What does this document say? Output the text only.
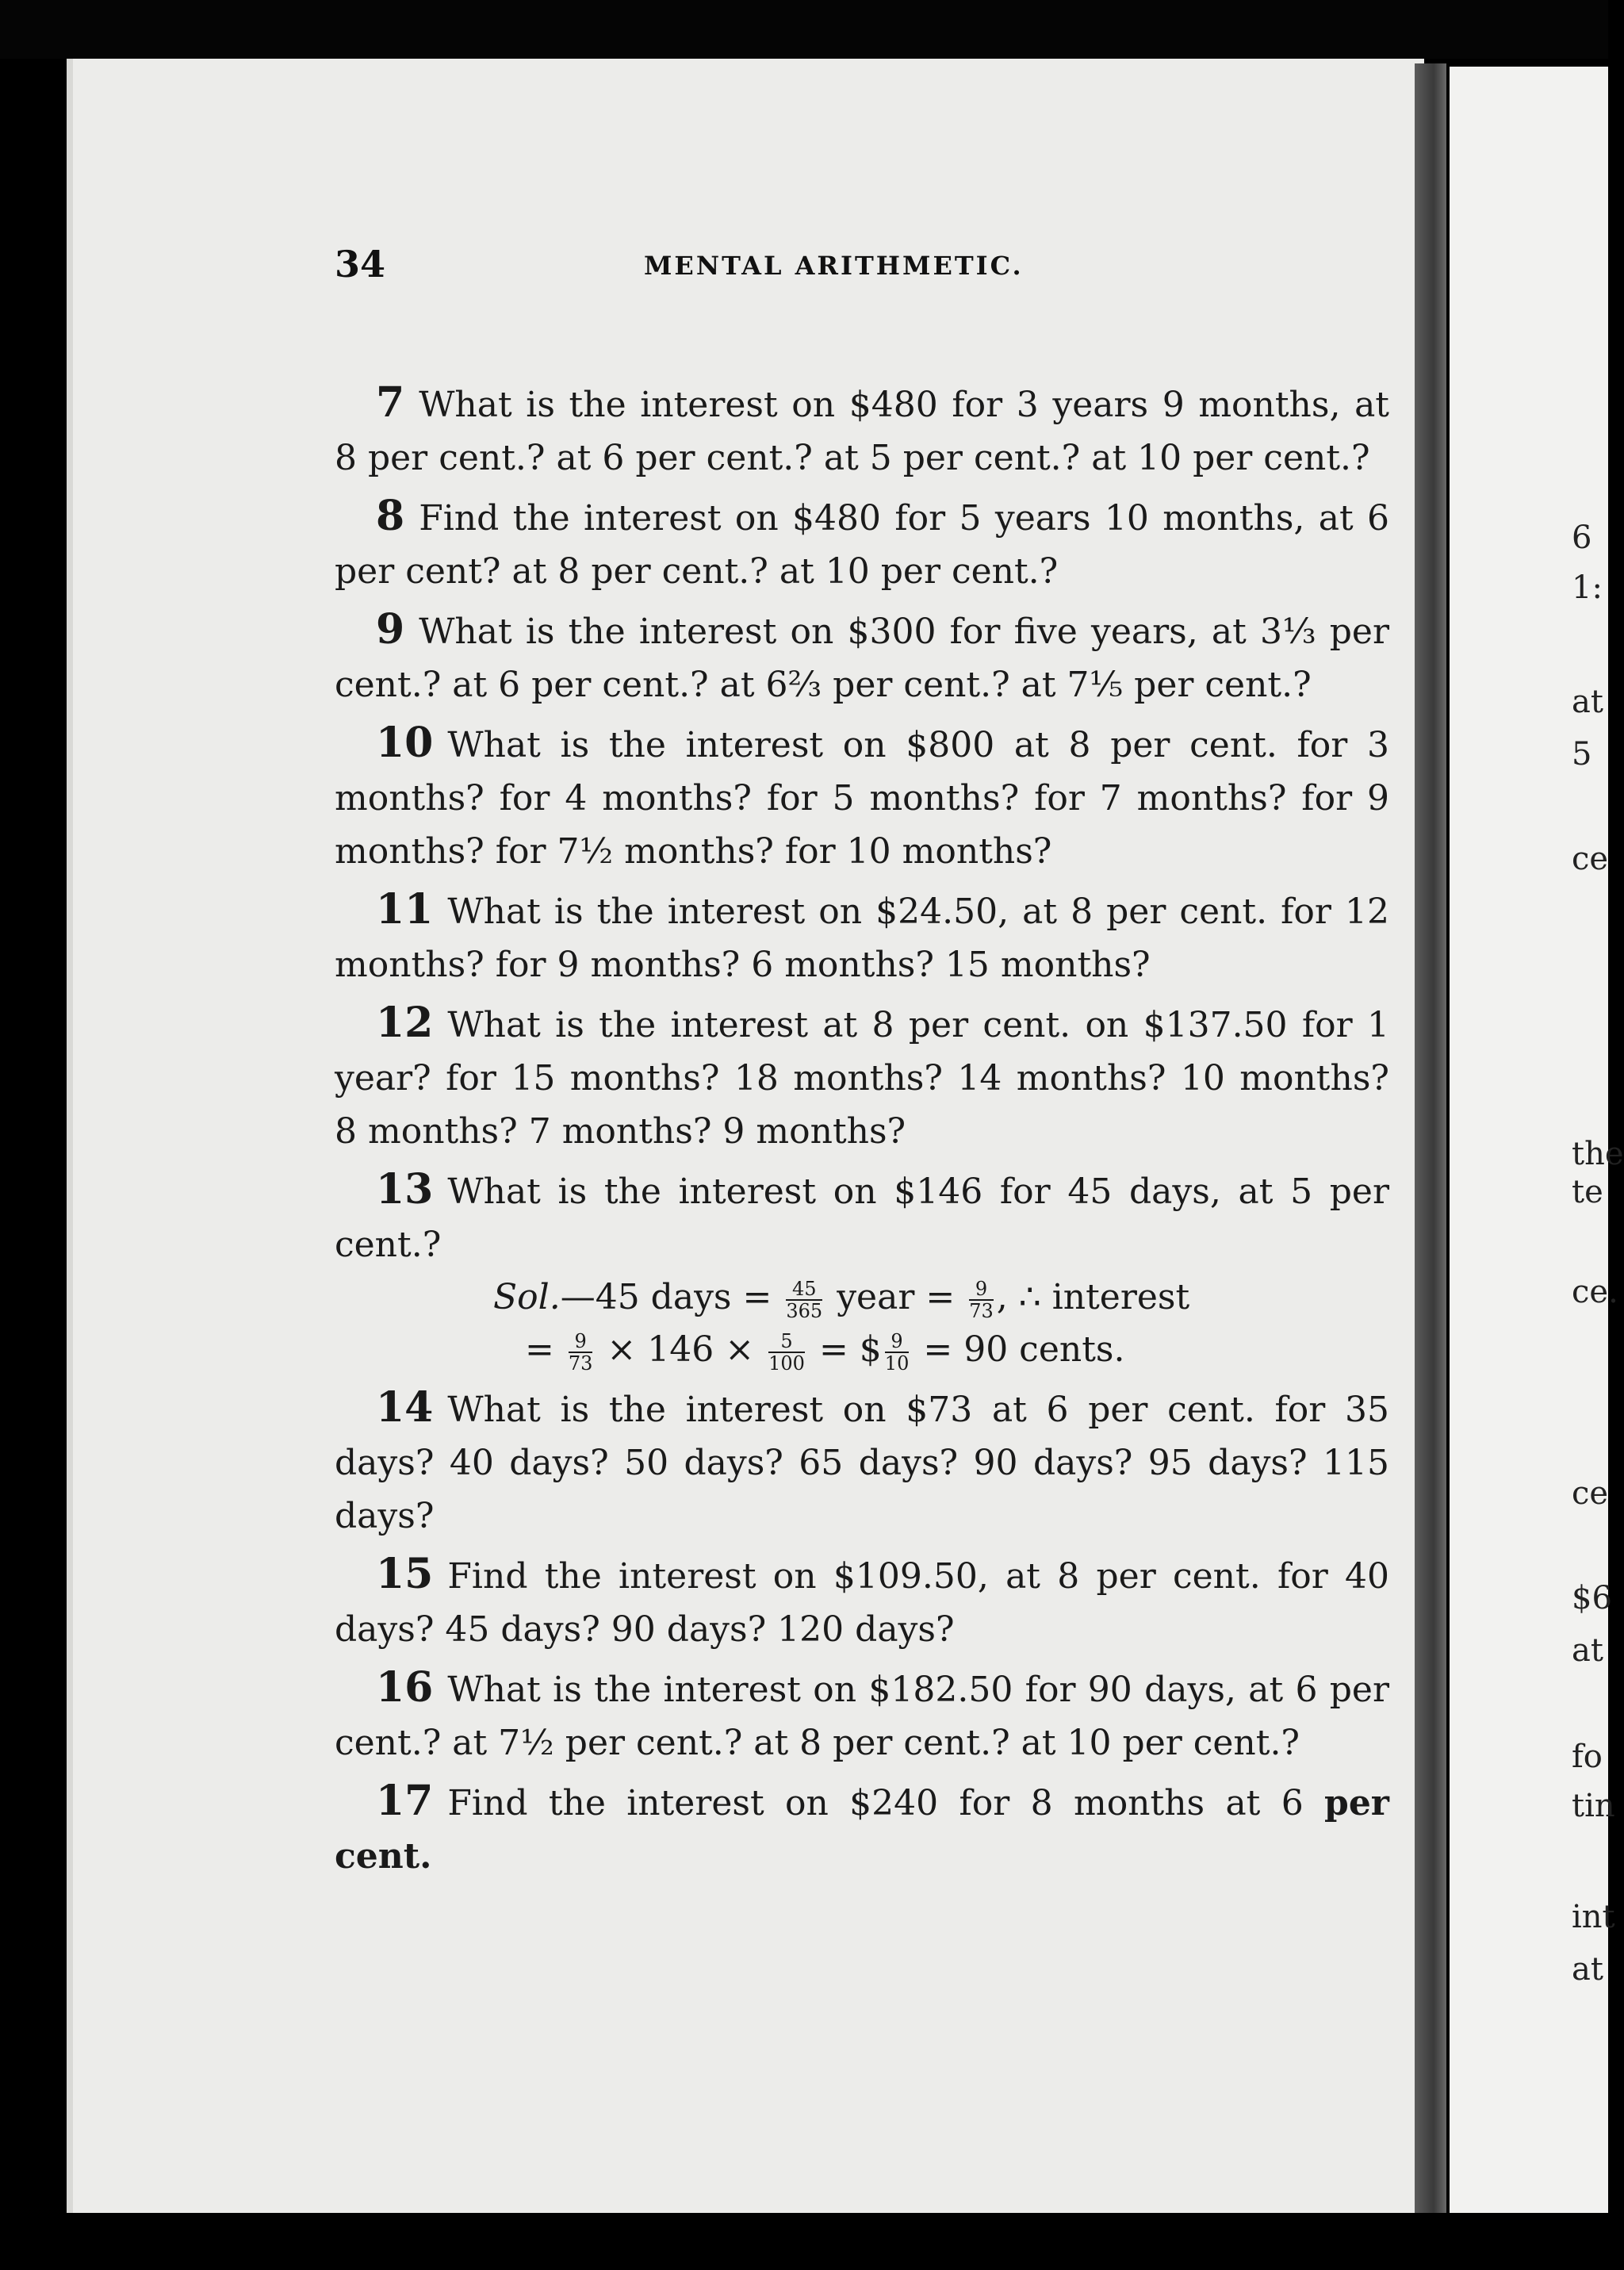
34	MENTAL ARITHMETIC.

7 What is the interest on $480 for 3 years 9 months, at 8 per cent.? at 6 per cent.? at 5 per cent.? at 10 per cent.?

8 Find the interest on $480 for 5 years 10 months, at 6 per cent? at 8 per cent.? at 10 per cent.?

9 What is the interest on $300 for five years, at 3⅓ per cent.? at 6 per cent.? at 6⅔ per cent.? at 7⅕ per cent.?

10 What is the interest on $800 at 8 per cent. for 3 months? for 4 months? for 5 months? for 7 months? for 9 months? for 7½ months? for 10 months?

11 What is the interest on $24.50, at 8 per cent. for 12 months? for 9 months? 6 months? 15 months?

12 What is the interest at 8 per cent. on $137.50 for 1 year? for 15 months? 18 months? 14 months? 10 months? 8 months? 7 months? 9 months?

13 What is the interest on $146 for 45 days, at 5 per cent.?

Sol.—45 days = $\frac{45}{365}$ year = $\frac{9}{73}$ , ∴ interest
= $\frac{9}{73} \times 146 \times \frac{5}{100}$ = $ $\frac{9}{10} = 90$ cents.

14 What is the interest on $73 at 6 per cent. for 35 days? 40 days? 50 days? 65 days? 90 days? 95 days? 115 days?

15 Find the interest on $109.50, at 8 per cent. for 40 days? 45 days? 90 days? 120 days?

16 What is the interest on $182.50 for 90 days, at 6 per cent.? at 7½ per cent.? at 8 per cent.? at 10 per cent.?

17 Find the interest on $240 for 8 months at 6 per cent.

6
1:
at
5
ce
the
te
ce.
ce
$6
at
fo
tin
int
at
